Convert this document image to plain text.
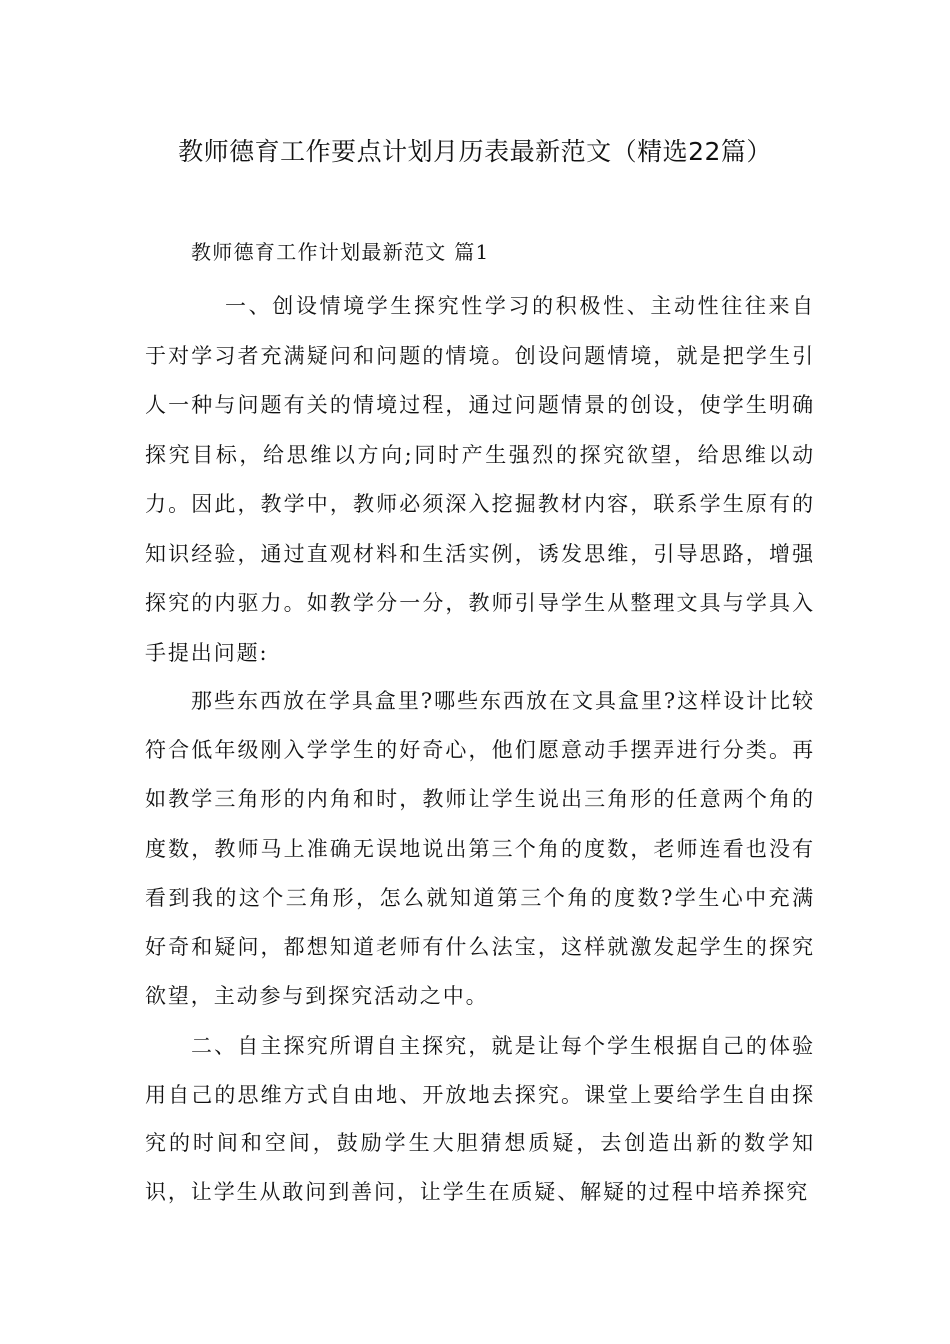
教师德育工作要点计划月历表最新范文（精选22篇）
教师德育工作计划最新范文 篇1

一、创设情境学生探究性学习的积极性、主动性往往来自于对学习者充满疑问和问题的情境。创设问题情境，就是把学生引人一种与问题有关的情境过程，通过问题情景的创设，使学生明确探究目标，给思维以方向;同时产生强烈的探究欲望，给思维以动力。因此，教学中，教师必须深入挖掘教材内容，联系学生原有的知识经验，通过直观材料和生活实例，诱发思维，引导思路，增强探究的内驱力。如教学分一分，教师引导学生从整理文具与学具入手提出问题:

那些东西放在学具盒里?哪些东西放在文具盒里?这样设计比较符合低年级刚入学学生的好奇心，他们愿意动手摆弄进行分类。再如教学三角形的内角和时，教师让学生说出三角形的任意两个角的度数，教师马上准确无误地说出第三个角的度数，老师连看也没有看到我的这个三角形，怎么就知道第三个角的度数?学生心中充满好奇和疑问，都想知道老师有什么法宝，这样就激发起学生的探究欲望，主动参与到探究活动之中。

二、自主探究所谓自主探究，就是让每个学生根据自己的体验用自己的思维方式自由地、开放地去探究。课堂上要给学生自由探究的时间和空间，鼓励学生大胆猜想质疑，去创造出新的数学知识，让学生从敢问到善问，让学生在质疑、解疑的过程中培养探究
